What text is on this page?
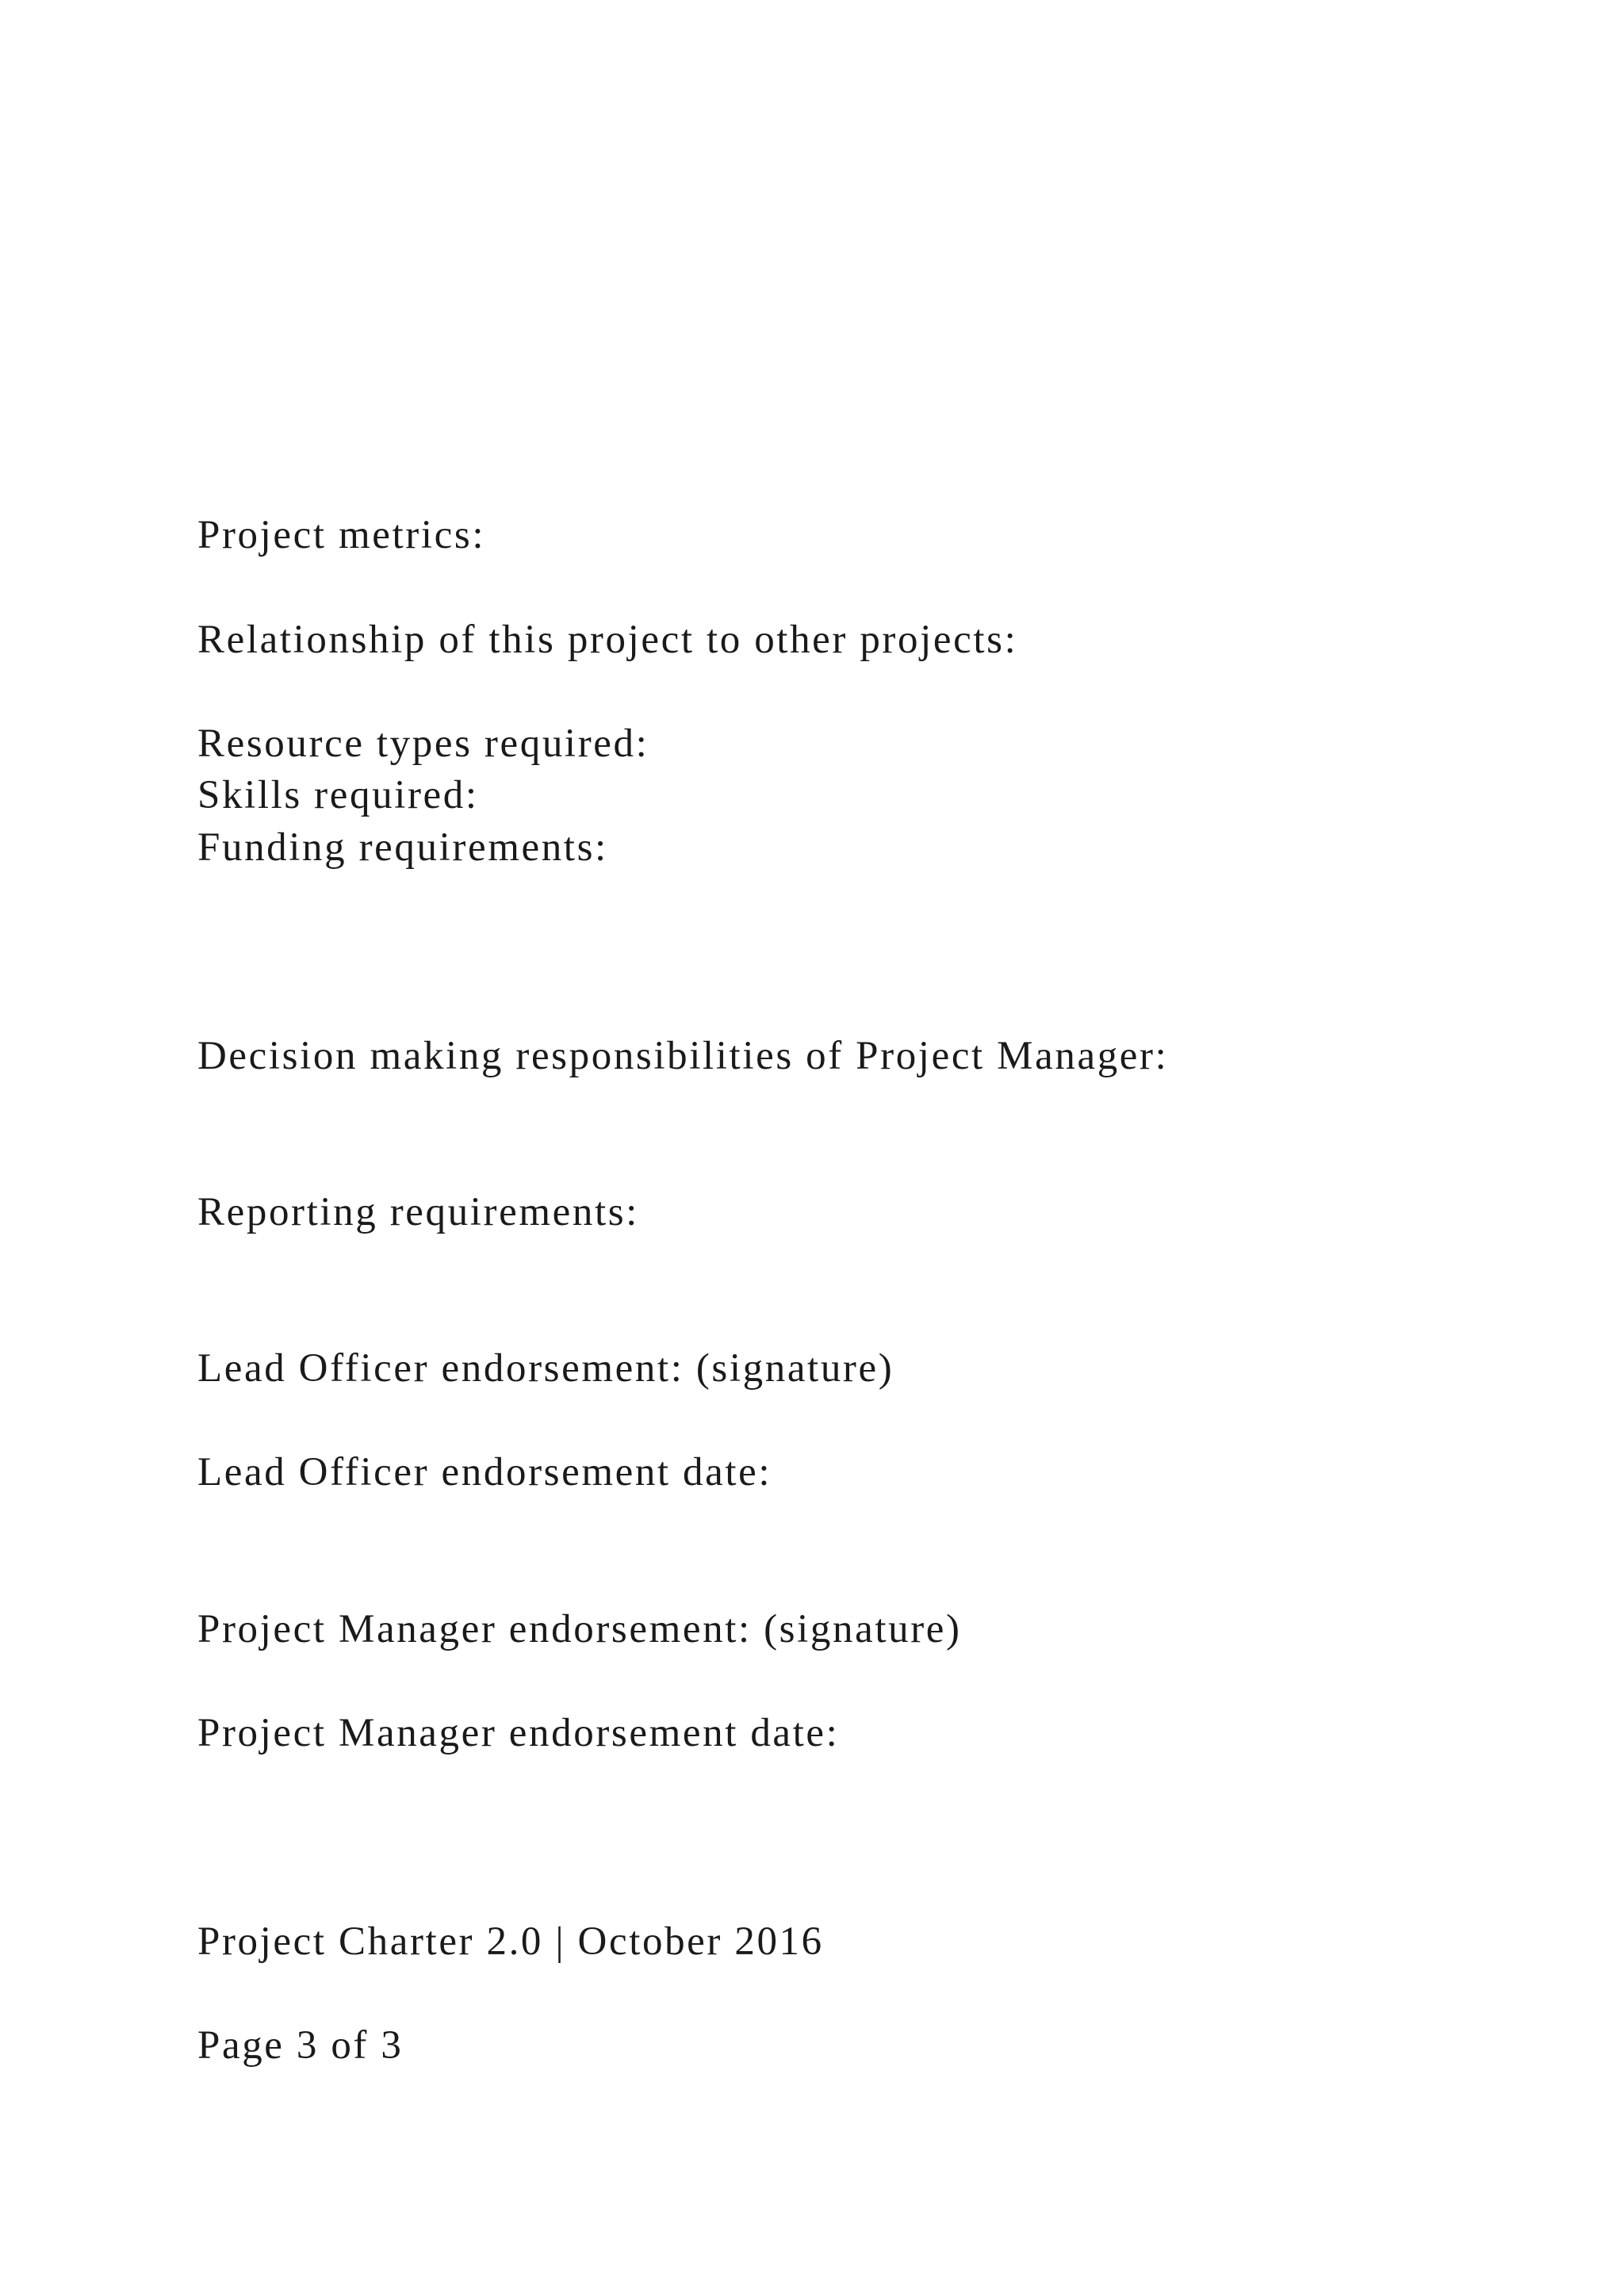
Project metrics:

Relationship of this project to other projects:

Resource types required:

Skills required:

Funding requirements:

Decision making responsibilities of Project Manager:

Reporting requirements:

Lead Officer endorsement: (signature)

Lead Officer endorsement date:

Project Manager endorsement: (signature)

Project Manager endorsement date:

Project Charter 2.0 | October 2016

Page 3 of 3
